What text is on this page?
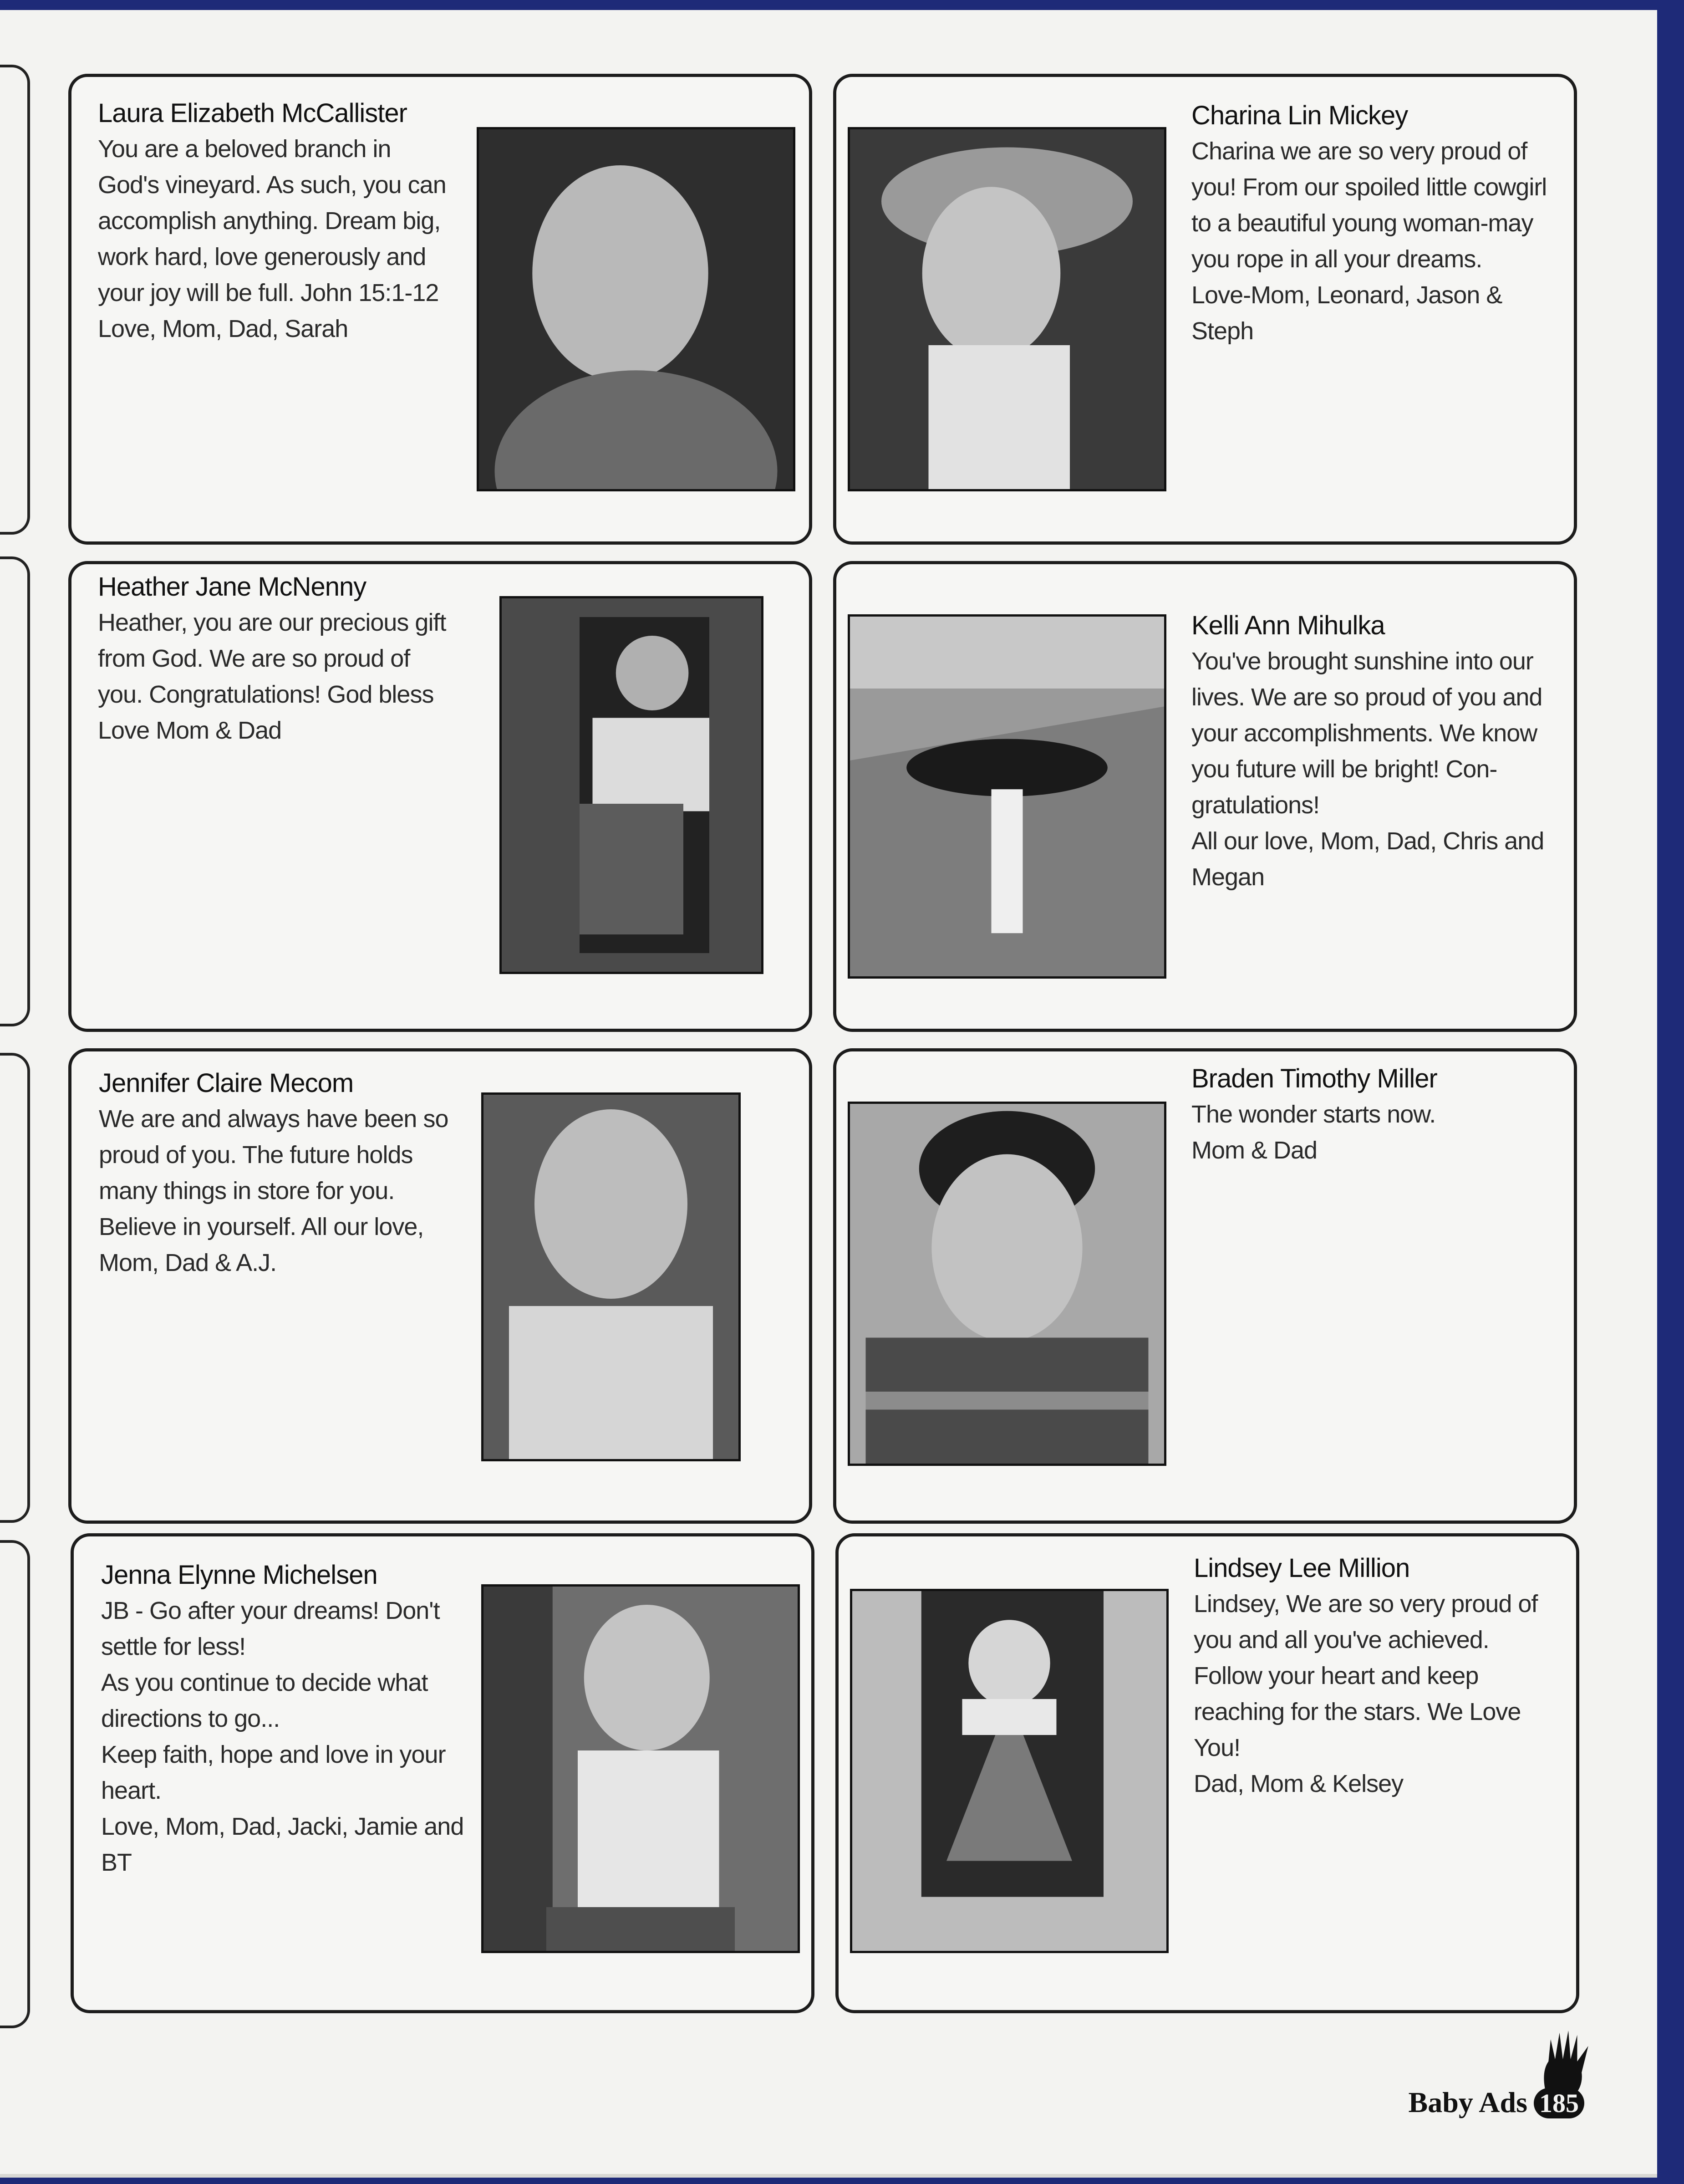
Laura Elizabeth McCallister
You are a beloved branch in
God's vineyard. As such, you can
accomplish anything. Dream big,
work hard, love generously and
your joy will be full. John 15:1-12
Love, Mom, Dad, Sarah
Charina Lin Mickey
Charina we are so very proud of
you! From our spoiled little cowgirl
to a beautiful young woman-may
you rope in all your dreams.
Love-Mom, Leonard, Jason & Steph
Heather Jane McNenny
Heather, you are our precious gift
from God. We are so proud of
you. Congratulations! God bless
Love Mom & Dad
Kelli Ann Mihulka
You've brought sunshine into our
lives. We are so proud of you and
your accomplishments. We know
you future will be bright! Con-
gratulations!
All our love, Mom, Dad, Chris and
Megan
Jennifer Claire Mecom
We are and always have been so
proud of you. The future holds
many things in store for you.
Believe in yourself. All our love,
Mom, Dad & A.J.
Braden Timothy Miller
The wonder starts now.
Mom & Dad
Jenna Elynne Michelsen
JB - Go after your dreams! Don't
settle for less!
As you continue to decide what
directions to go...
Keep faith, hope and love in your
heart.
Love, Mom, Dad, Jacki, Jamie and
BT
Lindsey Lee Million
Lindsey, We are so very proud of
you and all you've achieved.
Follow your heart and keep
reaching for the stars. We Love
You!
Dad, Mom & Kelsey
Baby Ads 185
